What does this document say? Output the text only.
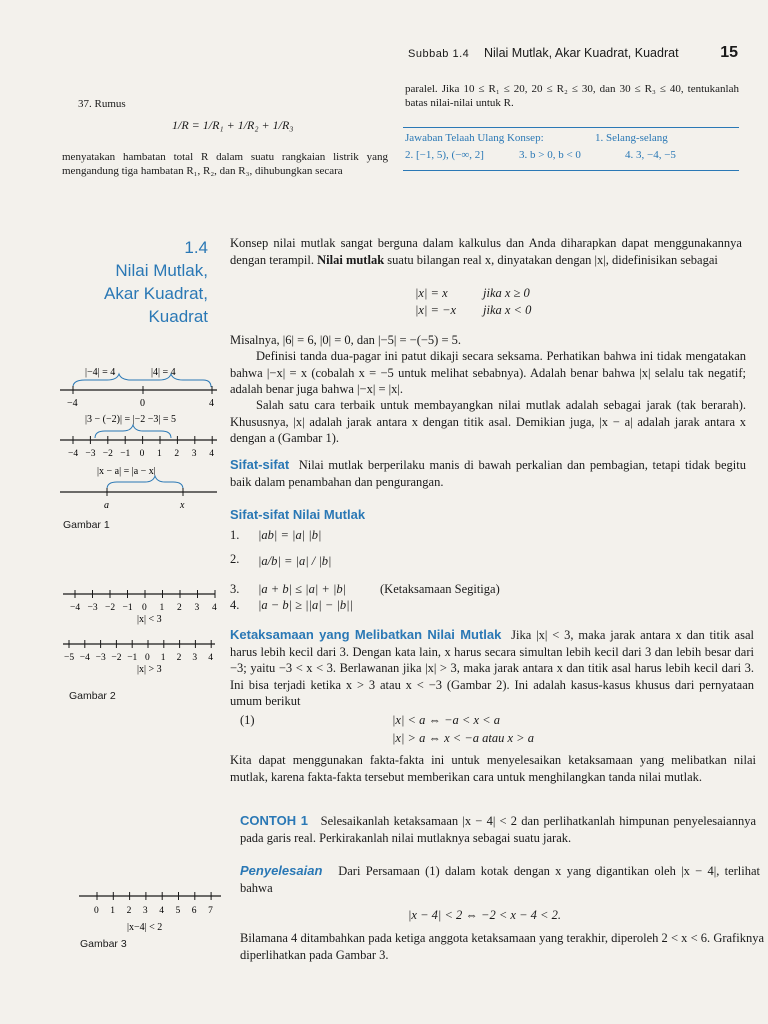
Subbab 1.4 Nilai Mutlak, Akar Kuadrat, Kuadrat	15
37. Rumus
1/R = 1/R₁ + 1/R₂ + 1/R₃
menyatakan hambatan total R dalam suatu rangkaian listrik yang mengandung tiga hambatan R₁, R₂, dan R₃, dihubungkan secara
paralel. Jika 10 ≤ R₁ ≤ 20, 20 ≤ R₂ ≤ 30, dan 30 ≤ R₃ ≤ 40, tentukanlah batas nilai-nilai untuk R.
Jawaban Telaah Ulang Konsep:	1. Selang-selang
2. [−1, 5), (−∞, 2]	3. b > 0, b < 0	4. 3, −4, −5
1.4
Nilai Mutlak,
Akar Kuadrat,
Kuadrat
Konsep nilai mutlak sangat berguna dalam kalkulus dan Anda diharapkan dapat menggunakannya dengan terampil. Nilai mutlak suatu bilangan real x, dinyatakan dengan |x|, didefinisikan sebagai
|x| = x	jika x ≥ 0
|x| = −x jika x < 0
Misalnya, |6| = 6, |0| = 0, dan |−5| = −(−5) = 5.
Definisi tanda dua-pagar ini patut dikaji secara seksama. Perhatikan bahwa ini tidak mengatakan bahwa |−x| = x (cobalah x = −5 untuk melihat sebabnya). Adalah benar bahwa |x| selalu tak negatif; adalah benar juga bahwa |−x| = |x|.
Salah satu cara terbaik untuk membayangkan nilai mutlak adalah sebagai jarak (tak berarah). Khususnya, |x| adalah jarak antara x dengan titik asal. Demikian juga, |x − a| adalah jarak antara x dengan a (Gambar 1).
Sifat-sifat Nilai mutlak berperilaku manis di bawah perkalian dan pembagian, tetapi tidak begitu baik dalam penambahan dan pengurangan.
Sifat-sifat Nilai Mutlak
1. |ab| = |a| |b|
2. |a/b| = |a| / |b|
3. |a + b| ≤ |a| + |b|	(Ketaksamaan Segitiga)
4. |a − b| ≥ ||a| − |b||
Ketaksamaan yang Melibatkan Nilai Mutlak Jika |x| < 3, maka jarak antara x dan titik asal harus lebih kecil dari 3. Dengan kata lain, x harus secara simultan lebih kecil dari 3 dan lebih besar dari −3; yaitu −3 < x < 3. Berlawanan jika |x| > 3, maka jarak antara x dan titik asal harus lebih kecil dari 3. Ini bisa terjadi ketika x > 3 atau x < −3 (Gambar 2). Ini adalah kasus-kasus khusus dari pernyataan umum berikut
(1)	|x| < a ⇔ −a < x < a
|x| > a ⇔ x < −a atau x > a
Kita dapat menggunakan fakta-fakta ini untuk menyelesaikan ketaksamaan yang melibatkan nilai mutlak, karena fakta-fakta tersebut memberikan cara untuk menghilangkan tanda nilai mutlak.
CONTOH 1 Selesaikanlah ketaksamaan |x − 4| < 2 dan perlihatkanlah himpunan penyelesaiannya pada garis real. Perkirakanlah nilai mutlaknya sebagai suatu jarak.
Penyelesaian Dari Persamaan (1) dalam kotak dengan x yang digantikan oleh |x − 4|, terlihat bahwa
|x − 4| < 2 ⇔ −2 < x − 4 < 2.
Bilamana 4 ditambahkan pada ketiga anggota ketaksamaan yang terakhir, diperoleh 2 < x < 6. Grafiknya diperlihatkan pada Gambar 3.
|−4| = 4	|4| = 4
−4	0	4
|3 − (−2)| = |−2 −3| = 5
−4 −3 −2 −1 0 1 2 3 4
|x − a| = |a − x|
a	x
Gambar 1
−4 −3 −2 −1 0 1 2 3 4
|x| < 3
−5 −4 −3 −2 −1 0 1 2 3 4
|x| > 3
Gambar 2
0 1 2 3 4 5 6 7
|x−4| < 2
Gambar 3
